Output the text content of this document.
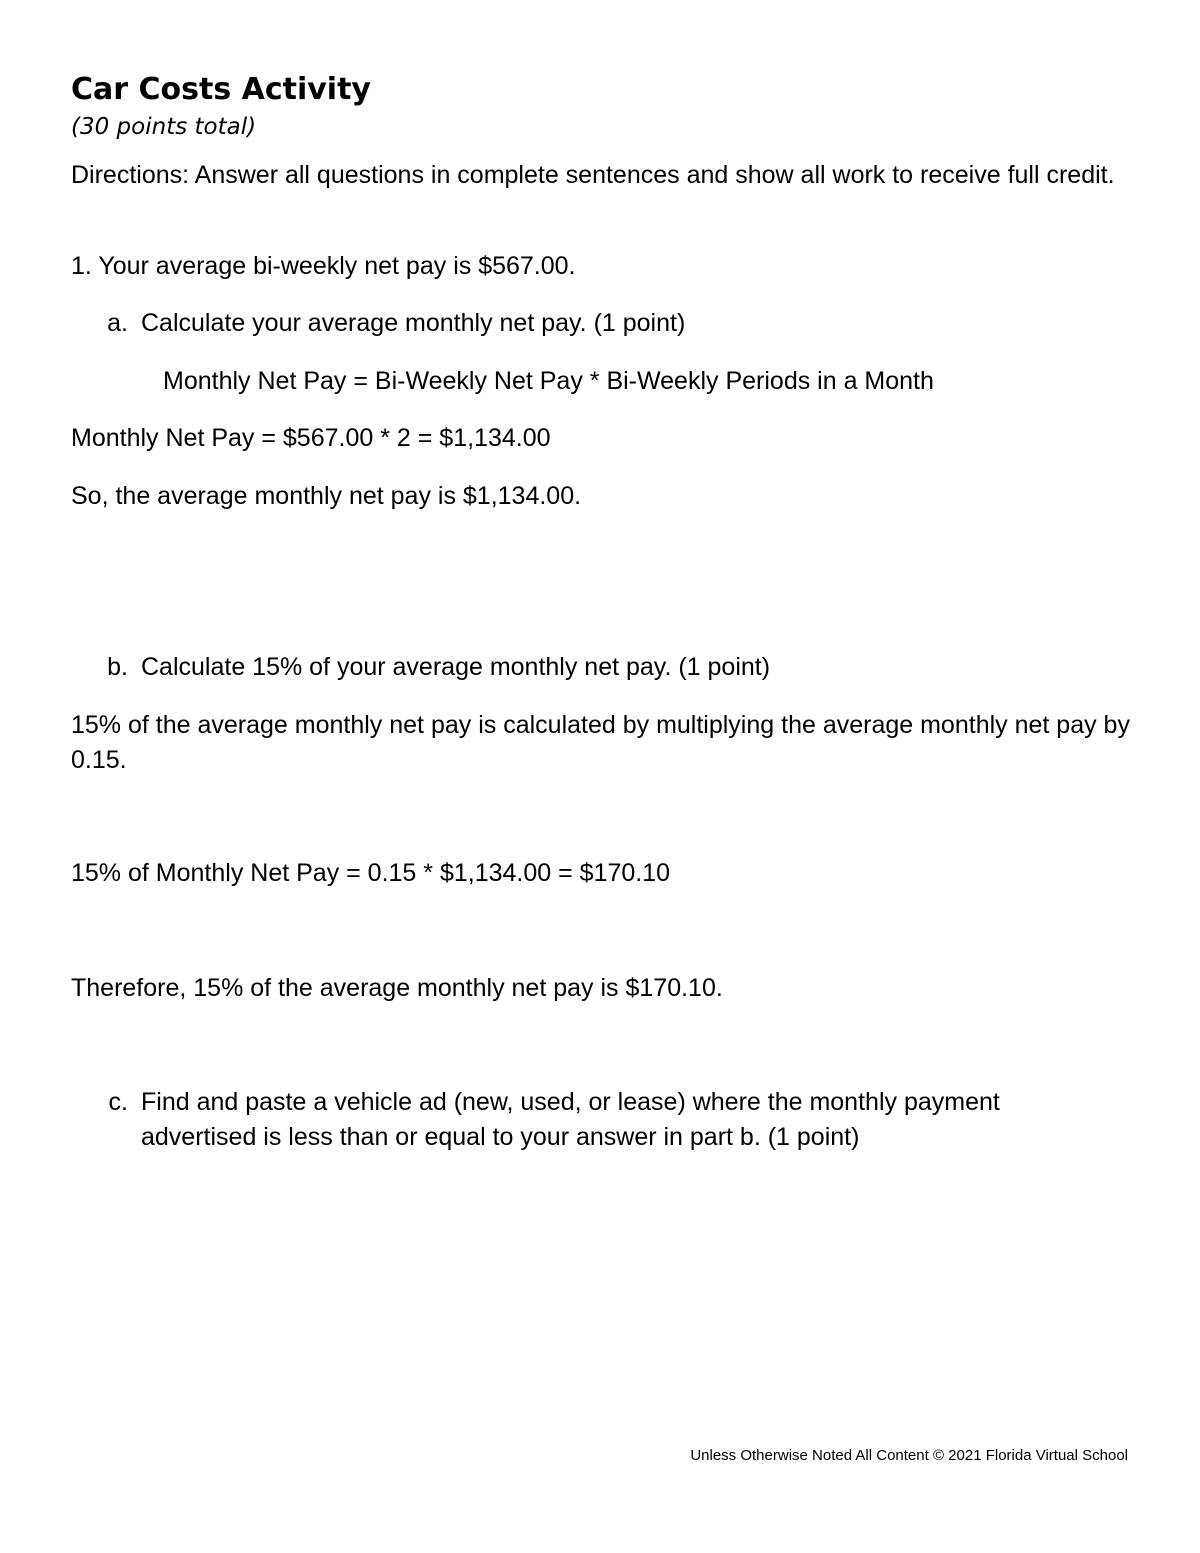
Car Costs Activity
(30 points total)
Directions: Answer all questions in complete sentences and show all work to receive full credit.
1. Your average bi-weekly net pay is $567.00.
a. Calculate your average monthly net pay. (1 point)
Monthly Net Pay = Bi-Weekly Net Pay * Bi-Weekly Periods in a Month
Monthly Net Pay = $567.00 * 2 = $1,134.00
So, the average monthly net pay is $1,134.00.
b. Calculate 15% of your average monthly net pay. (1 point)
15% of the average monthly net pay is calculated by multiplying the average monthly net pay by 0.15.
15% of Monthly Net Pay = 0.15 * $1,134.00 = $170.10
Therefore, 15% of the average monthly net pay is $170.10.
c. Find and paste a vehicle ad (new, used, or lease) where the monthly payment
advertised is less than or equal to your answer in part b. (1 point)
Unless Otherwise Noted All Content © 2021 Florida Virtual School
